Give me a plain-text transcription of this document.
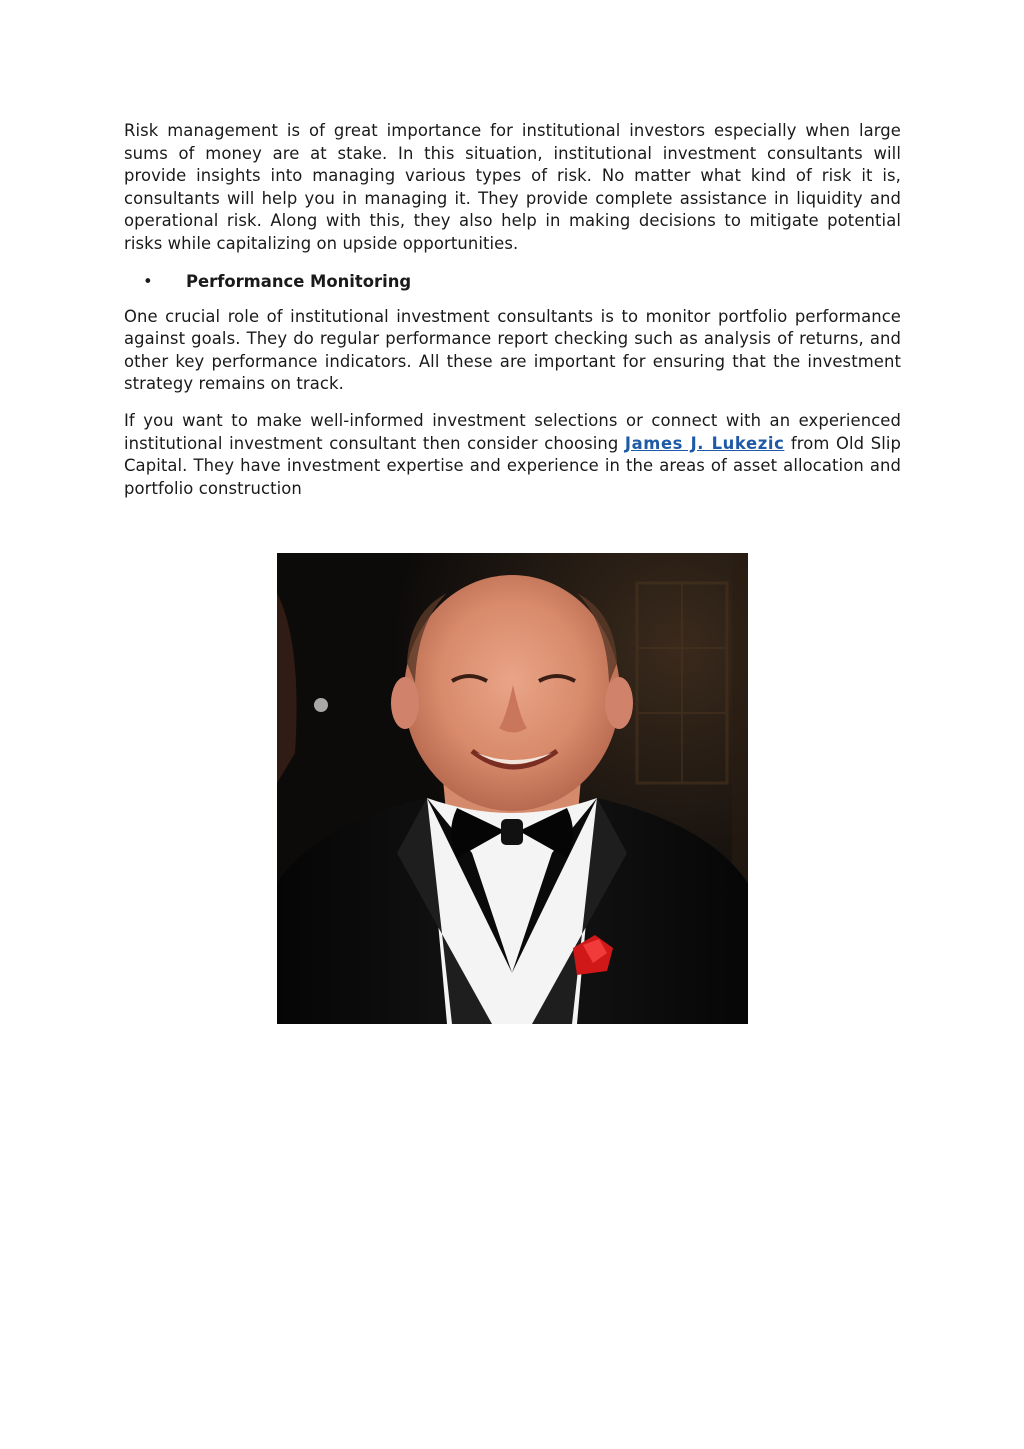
Risk management is of great importance for institutional investors especially when large sums of money are at stake. In this situation, institutional investment consultants will provide insights into managing various types of risk. No matter what kind of risk it is, consultants will help you in managing it. They provide complete assistance in liquidity and operational risk. Along with this, they also help in making decisions to mitigate potential risks while capitalizing on upside opportunities.

• Performance Monitoring

One crucial role of institutional investment consultants is to monitor portfolio performance against goals. They do regular performance report checking such as analysis of returns, and other key performance indicators. All these are important for ensuring that the investment strategy remains on track.

If you want to make well-informed investment selections or connect with an experienced institutional investment consultant then consider choosing James J. Lukezic from Old Slip Capital. They have investment expertise and experience in the areas of asset allocation and portfolio construction
